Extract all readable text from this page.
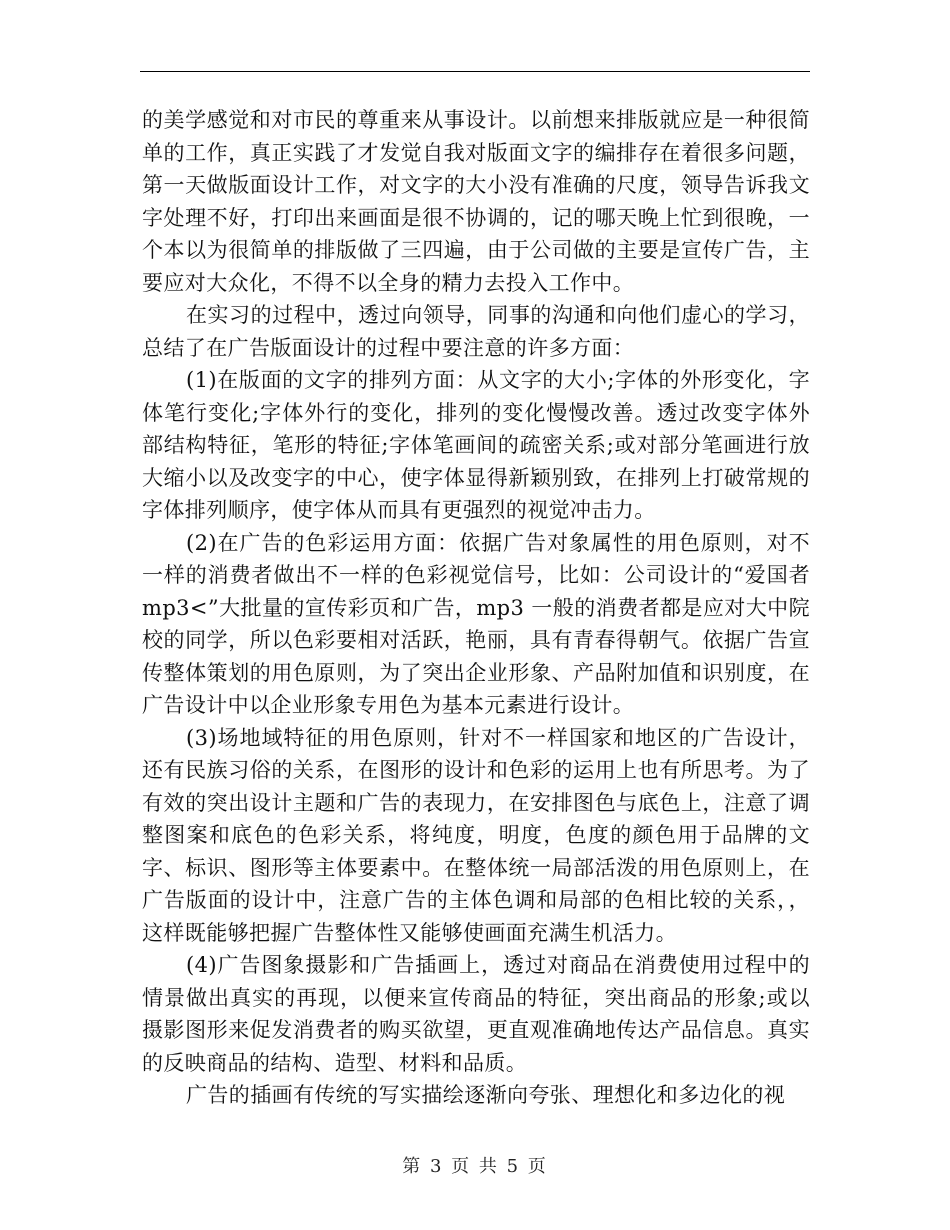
的美学感觉和对市民的尊重来从事设计。以前想来排版就应是一种很简单的工作，真正实践了才发觉自我对版面文字的编排存在着很多问题，第一天做版面设计工作，对文字的大小没有准确的尺度，领导告诉我文字处理不好，打印出来画面是很不协调的，记的哪天晚上忙到很晚，一个本以为很简单的排版做了三四遍，由于公司做的主要是宣传广告，主要应对大众化，不得不以全身的精力去投入工作中。

在实习的过程中，透过向领导，同事的沟通和向他们虚心的学习，总结了在广告版面设计的过程中要注意的许多方面：

(1)在版面的文字的排列方面：从文字的大小;字体的外形变化，字体笔行变化;字体外行的变化，排列的变化慢慢改善。透过改变字体外部结构特征，笔形的特征;字体笔画间的疏密关系;或对部分笔画进行放大缩小以及改变字的中心，使字体显得新颖别致，在排列上打破常规的字体排列顺序，使字体从而具有更强烈的视觉冲击力。

(2)在广告的色彩运用方面：依据广告对象属性的用色原则，对不一样的消费者做出不一样的色彩视觉信号，比如：公司设计的“爱国者 mp3<”大批量的宣传彩页和广告，mp3 一般的消费者都是应对大中院校的同学，所以色彩要相对活跃，艳丽，具有青春得朝气。依据广告宣传整体策划的用色原则，为了突出企业形象、产品附加值和识别度，在广告设计中以企业形象专用色为基本元素进行设计。

(3)场地域特征的用色原则，针对不一样国家和地区的广告设计，还有民族习俗的关系，在图形的设计和色彩的运用上也有所思考。为了有效的突出设计主题和广告的表现力，在安排图色与底色上，注意了调整图案和底色的色彩关系，将纯度，明度，色度的颜色用于品牌的文字、标识、图形等主体要素中。在整体统一局部活泼的用色原则上，在广告版面的设计中，注意广告的主体色调和局部的色相比较的关系，，这样既能够把握广告整体性又能够使画面充满生机活力。

(4)广告图象摄影和广告插画上，透过对商品在消费使用过程中的情景做出真实的再现，以便来宣传商品的特征，突出商品的形象;或以摄影图形来促发消费者的购买欲望，更直观准确地传达产品信息。真实的反映商品的结构、造型、材料和品质。

广告的插画有传统的写实描绘逐渐向夸张、理想化和多边化的视

第 3 页 共 5 页
